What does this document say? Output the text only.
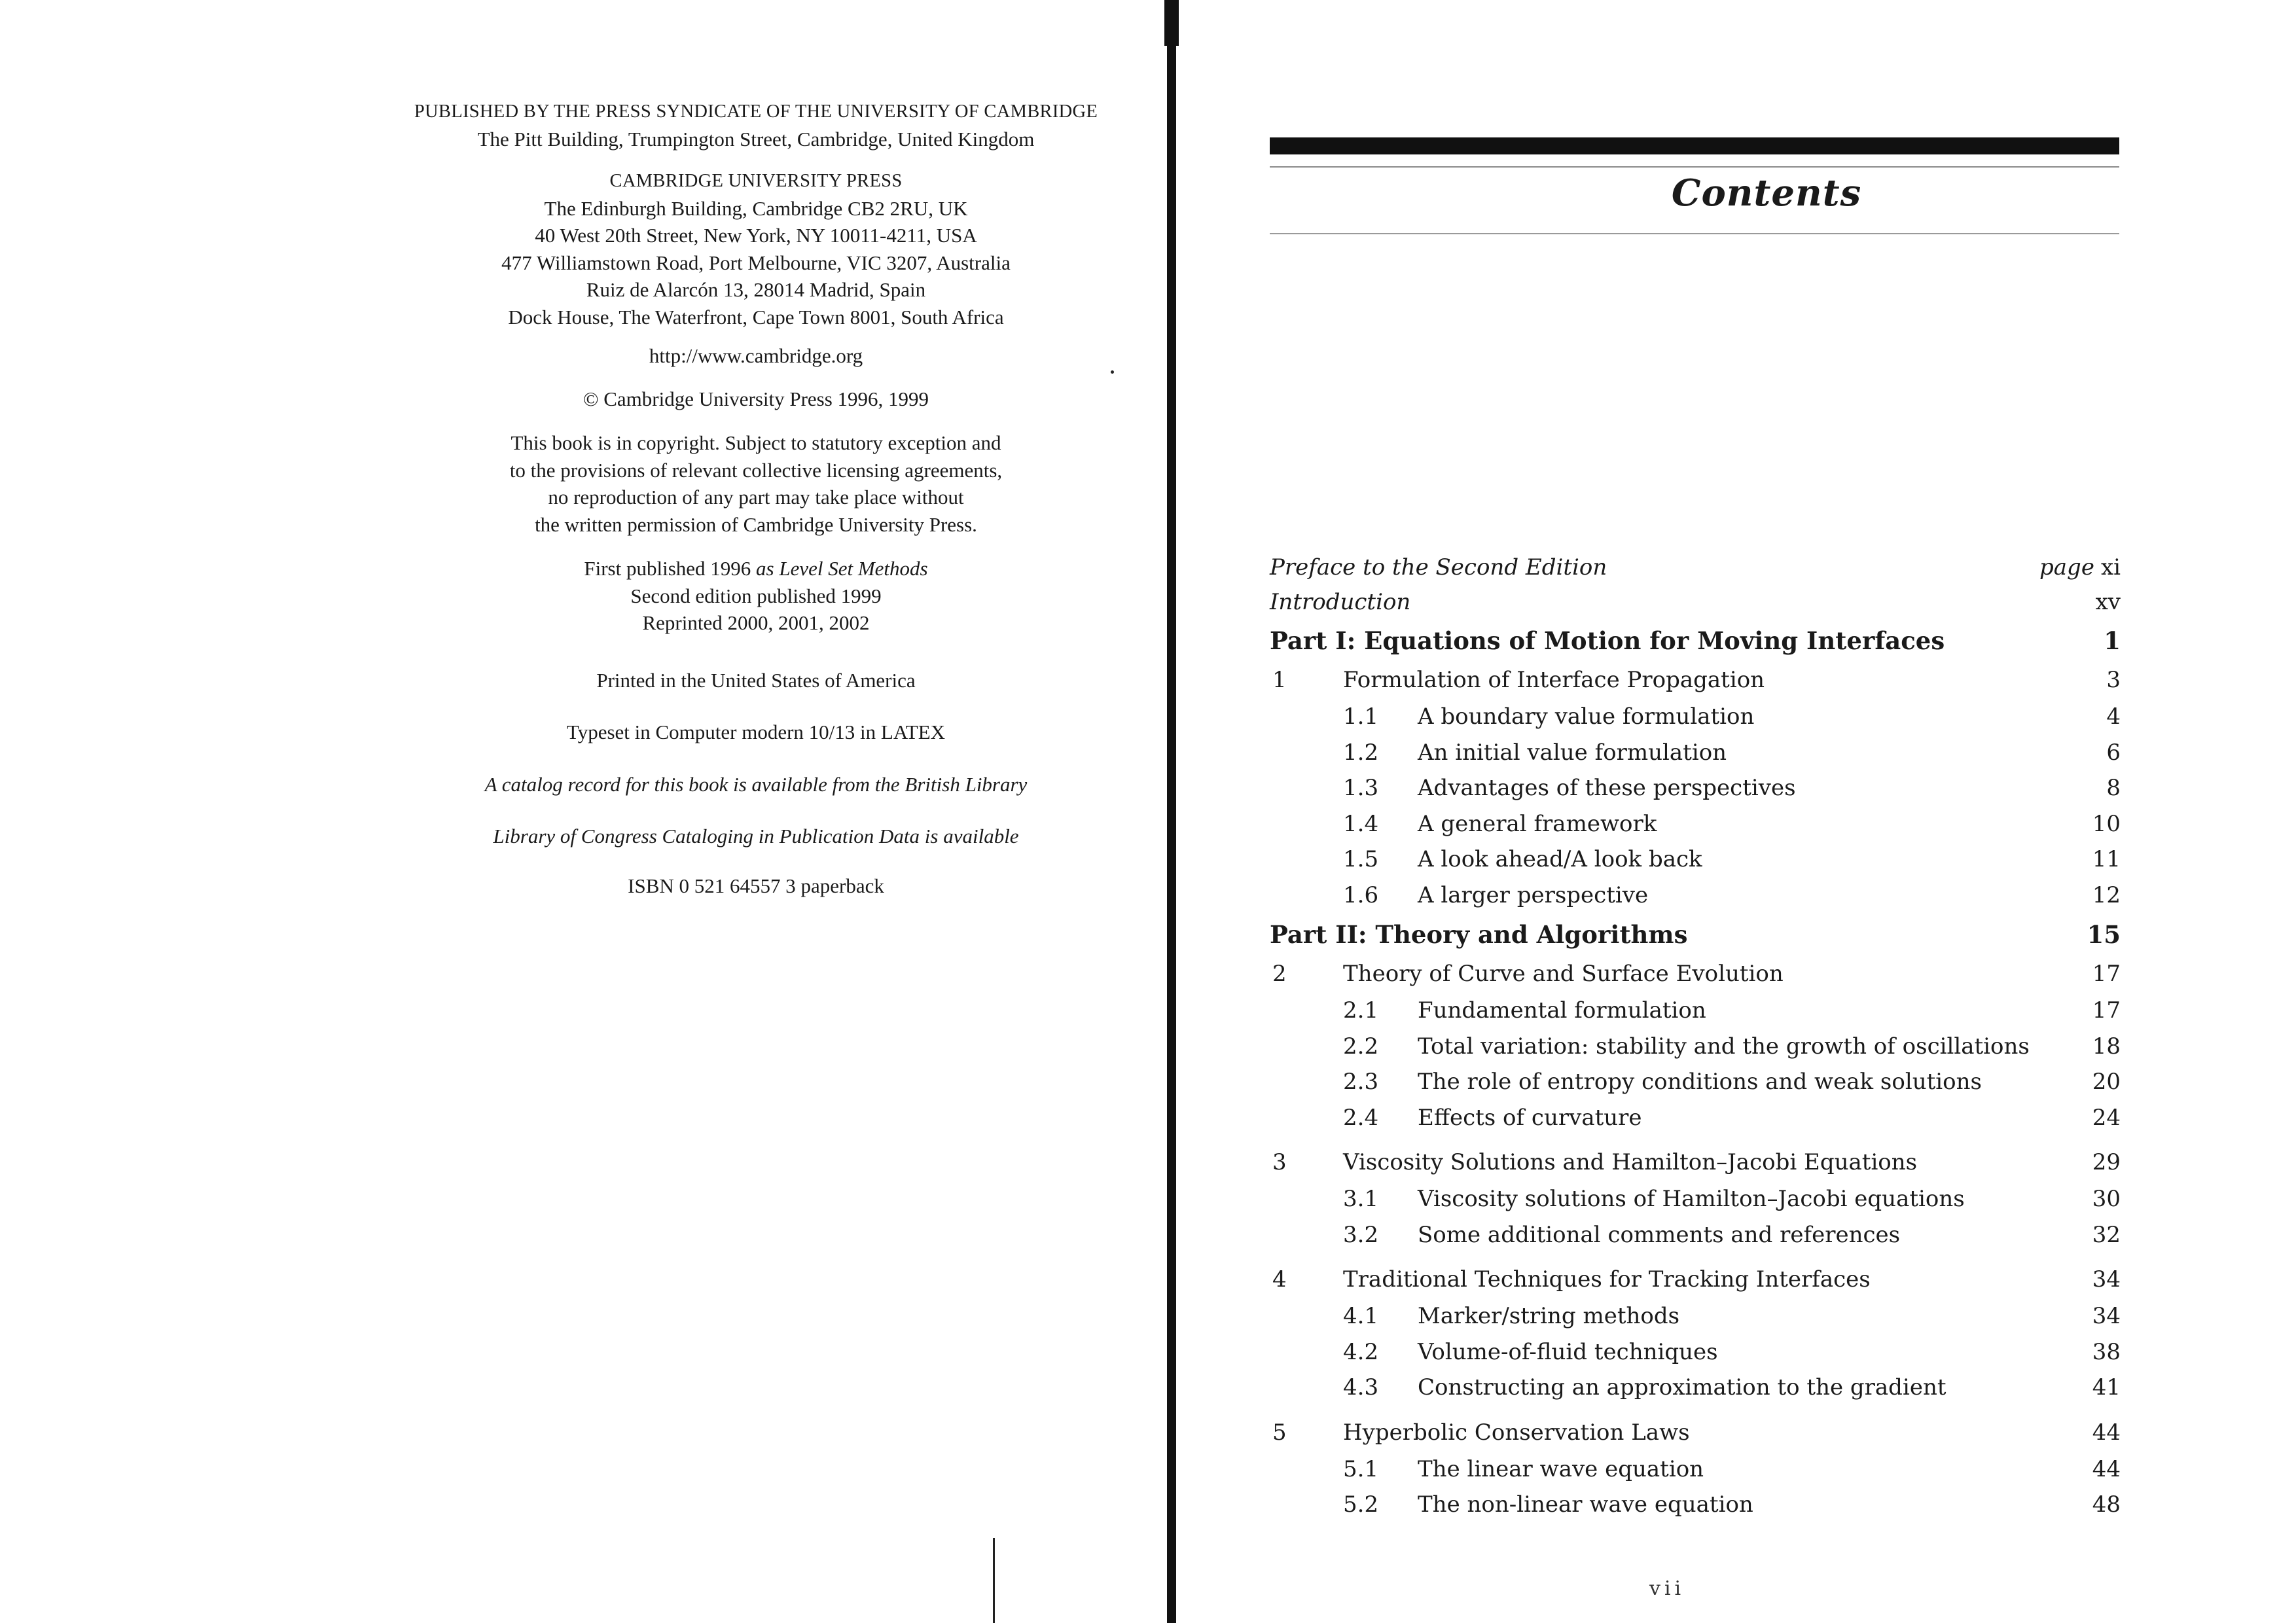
PUBLISHED BY THE PRESS SYNDICATE OF THE UNIVERSITY OF CAMBRIDGE
The Pitt Building, Trumpington Street, Cambridge, United Kingdom
CAMBRIDGE UNIVERSITY PRESS
The Edinburgh Building, Cambridge CB2 2RU, UK
40 West 20th Street, New York, NY 10011-4211, USA
477 Williamstown Road, Port Melbourne, VIC 3207, Australia
Ruiz de Alarcón 13, 28014 Madrid, Spain
Dock House, The Waterfront, Cape Town 8001, South Africa
http://www.cambridge.org
© Cambridge University Press 1996, 1999
This book is in copyright. Subject to statutory exception and
to the provisions of relevant collective licensing agreements,
no reproduction of any part may take place without
the written permission of Cambridge University Press.
First published 1996 as Level Set Methods
Second edition published 1999
Reprinted 2000, 2001, 2002
Printed in the United States of America
Typeset in Computer modern 10/13 in LATEX
A catalog record for this book is available from the British Library
Library of Congress Cataloging in Publication Data is available
ISBN 0 521 64557 3 paperback
Contents
Preface to the Second Edition	page xi
Introduction	xv
Part I: Equations of Motion for Moving Interfaces	1
1	Formulation of Interface Propagation	3
1.1	A boundary value formulation	4
1.2	An initial value formulation	6
1.3	Advantages of these perspectives	8
1.4	A general framework	10
1.5	A look ahead/A look back	11
1.6	A larger perspective	12
Part II: Theory and Algorithms	15
2	Theory of Curve and Surface Evolution	17
2.1	Fundamental formulation	17
2.2	Total variation: stability and the growth of oscillations	18
2.3	The role of entropy conditions and weak solutions	20
2.4	Effects of curvature	24
3	Viscosity Solutions and Hamilton–Jacobi Equations	29
3.1	Viscosity solutions of Hamilton–Jacobi equations	30
3.2	Some additional comments and references	32
4	Traditional Techniques for Tracking Interfaces	34
4.1	Marker/string methods	34
4.2	Volume-of-fluid techniques	38
4.3	Constructing an approximation to the gradient	41
5	Hyperbolic Conservation Laws	44
5.1	The linear wave equation	44
5.2	The non-linear wave equation	48
vii
